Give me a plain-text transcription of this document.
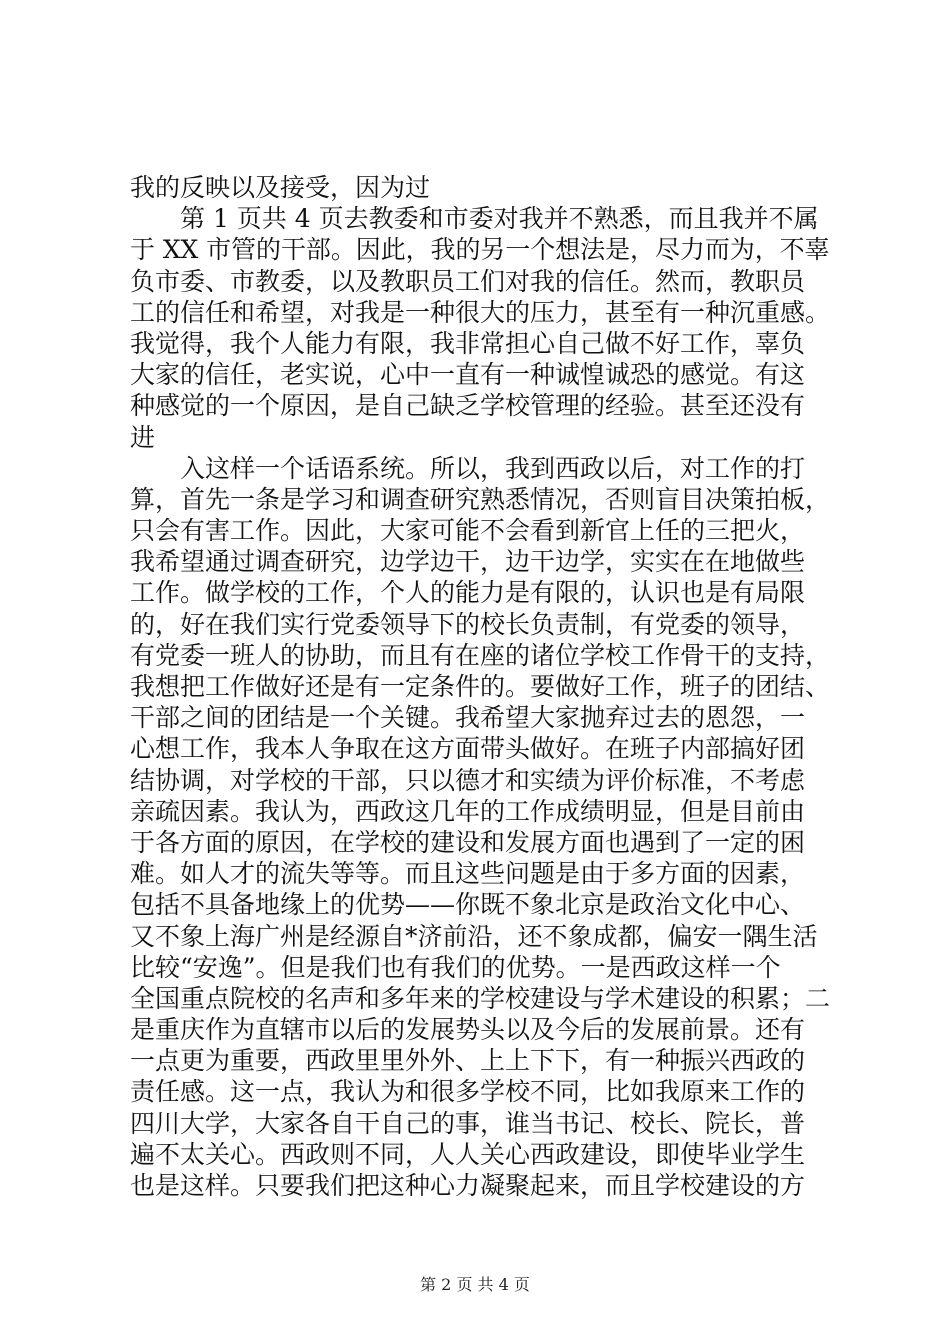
我的反映以及接受，因为过
　　第 1 页共 4 页去教委和市委对我并不熟悉，而且我并不属
于 XX 市管的干部。因此，我的另一个想法是，尽力而为，不辜
负市委、市教委，以及教职员工们对我的信任。然而，教职员
工的信任和希望，对我是一种很大的压力，甚至有一种沉重感。
我觉得，我个人能力有限，我非常担心自己做不好工作，辜负
大家的信任，老实说，心中一直有一种诚惶诚恐的感觉。有这
种感觉的一个原因，是自己缺乏学校管理的经验。甚至还没有
进
　　入这样一个话语系统。所以，我到西政以后，对工作的打
算，首先一条是学习和调查研究熟悉情况，否则盲目决策拍板，
只会有害工作。因此，大家可能不会看到新官上任的三把火，
我希望通过调查研究，边学边干，边干边学，实实在在地做些
工作。做学校的工作，个人的能力是有限的，认识也是有局限
的，好在我们实行党委领导下的校长负责制，有党委的领导，
有党委一班人的协助，而且有在座的诸位学校工作骨干的支持，
我想把工作做好还是有一定条件的。要做好工作，班子的团结、
干部之间的团结是一个关键。我希望大家抛弃过去的恩怨，一
心想工作，我本人争取在这方面带头做好。在班子内部搞好团
结协调，对学校的干部，只以德才和实绩为评价标准，不考虑
亲疏因素。我认为，西政这几年的工作成绩明显，但是目前由
于各方面的原因，在学校的建设和发展方面也遇到了一定的困
难。如人才的流失等等。而且这些问题是由于多方面的因素，
包括不具备地缘上的优势——你既不象北京是政治文化中心、
又不象上海广州是经源自*济前沿，还不象成都，偏安一隅生活
比较“安逸”。但是我们也有我们的优势。一是西政这样一个
全国重点院校的名声和多年来的学校建设与学术建设的积累；二
是重庆作为直辖市以后的发展势头以及今后的发展前景。还有
一点更为重要，西政里里外外、上上下下，有一种振兴西政的
责任感。这一点，我认为和很多学校不同，比如我原来工作的
四川大学，大家各自干自己的事，谁当书记、校长、院长，普
遍不太关心。西政则不同，人人关心西政建设，即使毕业学生
也是这样。只要我们把这种心力凝聚起来，而且学校建设的方
第 2 页 共 4 页
